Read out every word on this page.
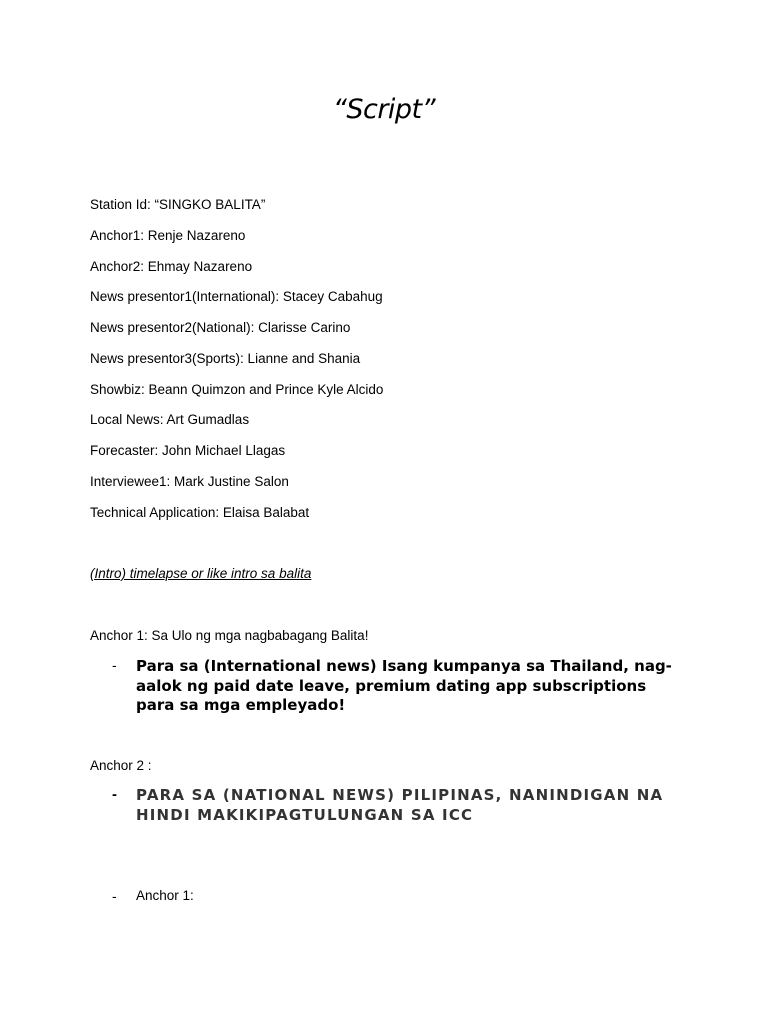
“Script”
Station Id: “SINGKO BALITA”
Anchor1: Renje Nazareno
Anchor2: Ehmay Nazareno
News presentor1(International): Stacey Cabahug
News presentor2(National): Clarisse Carino
News presentor3(Sports): Lianne and Shania
Showbiz: Beann Quimzon and Prince Kyle Alcido
Local News: Art Gumadlas
Forecaster: John Michael Llagas
Interviewee1: Mark Justine Salon
Technical Application: Elaisa Balabat
(Intro) timelapse or like intro sa balita
Anchor 1: Sa Ulo ng mga nagbabagang Balita!
- Para sa (International news) Isang kumpanya sa Thailand, nag-aalok ng paid date leave, premium dating app subscriptions para sa mga empleyado!
Anchor 2 :
- PARA SA (NATIONAL NEWS) PILIPINAS, NANINDIGAN NA HINDI MAKIKIPAGTULUNGAN SA ICC
- Anchor 1:
